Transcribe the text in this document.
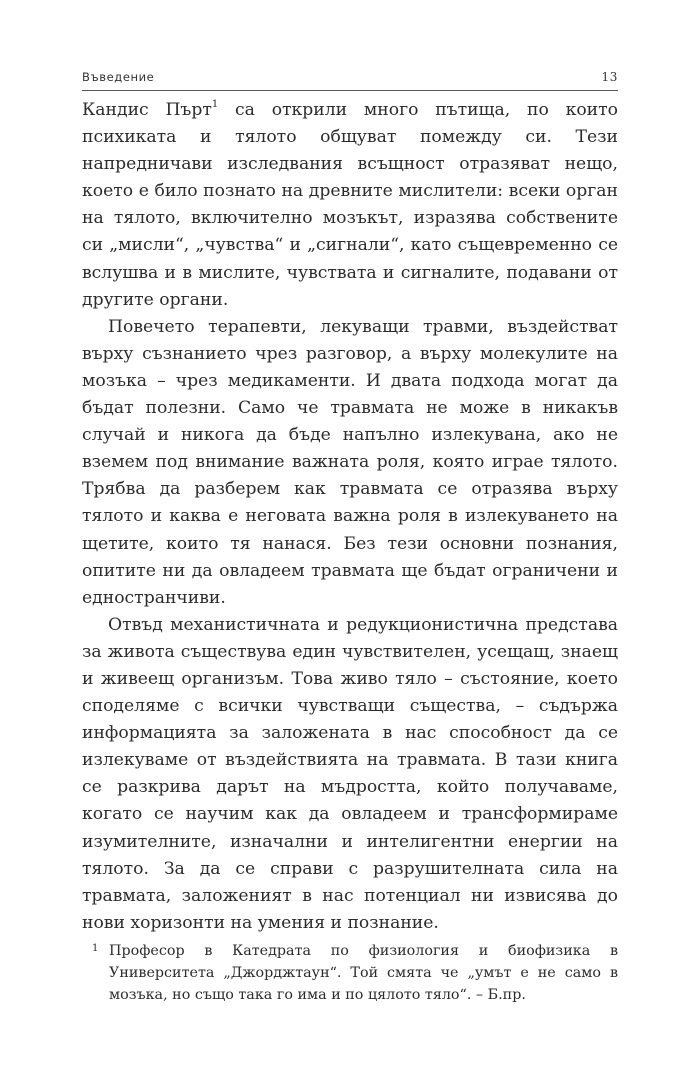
Въведение	13

Кандис Пърт$^1$ са открили много пътища, по които психиката и тялото общуват помежду си. Тези напредничави изследвания всъщност отразяват нещо, което е било познато на древните мислители: всеки орган на тялото, включително мозъкът, изразява собствените си „мисли“, „чувства“ и „сигнали“, като същевременно се вслушва и в мислите, чувствата и сигналите, подавани от другите органи.

Повечето терапевти, лекуващи травми, въздействат върху съзнанието чрез разговор, а върху молекулите на мозъка – чрез медикаменти. И двата подхода могат да бъдат полезни. Само че травмата не може в никакъв случай и никога да бъде напълно излекувана, ако не вземем под внимание важната роля, която играе тялото. Трябва да разберем как травмата се отразява върху тялото и каква е неговата важна роля в излекуването на щетите, които тя нанася. Без тези основни познания, опитите ни да овладеем травмата ще бъдат ограничени и едностранчиви.

Отвъд механистичната и редукционистична представа за живота съществува един чувствителен, усещащ, знаещ и живеещ организъм. Това живо тяло – състояние, което споделяме с всички чувстващи същества, – съдържа информацията за заложената в нас способност да се излекуваме от въздействията на травмата. В тази книга се разкрива дарът на мъдростта, който получаваме, когато се научим как да овладеем и трансформираме изумителните, изначални и интелигентни енергии на тялото. За да се справи с разрушителната сила на травмата, заложеният в нас потенциал ни извисява до нови хоризонти на умения и познание.

1 Професор в Катедрата по физиология и биофизика в Университета „Джорджтаун“. Той смята че „умът е не само в мозъка, но също така го има и по цялото тяло“. – Б.пр.
